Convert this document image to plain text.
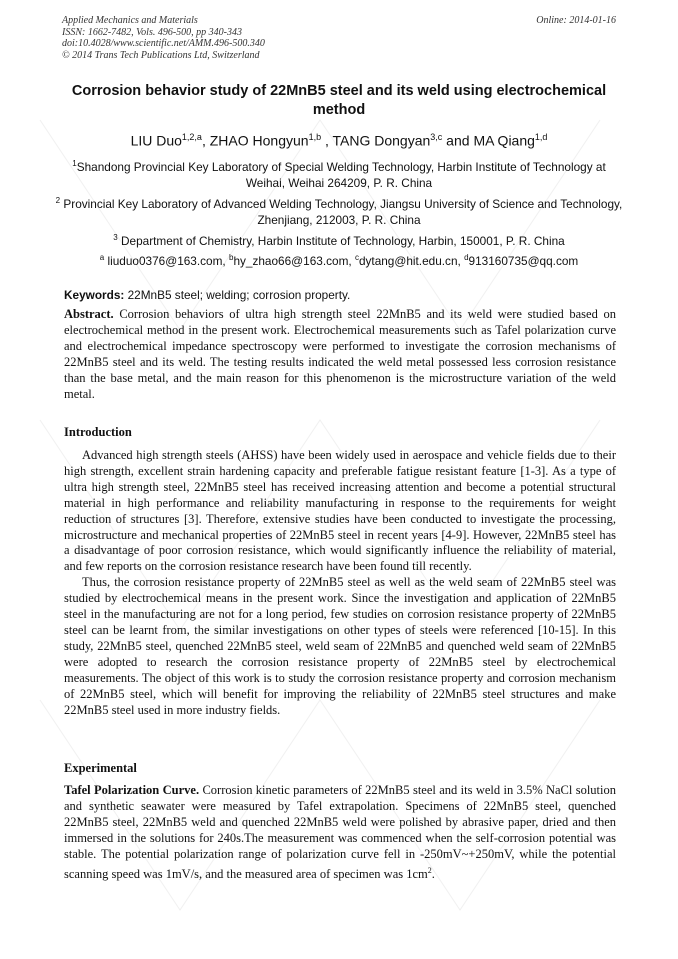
Applied Mechanics and Materials
ISSN: 1662-7482, Vols. 496-500, pp 340-343
doi:10.4028/www.scientific.net/AMM.496-500.340
© 2014 Trans Tech Publications Ltd, Switzerland
Online: 2014-01-16
Corrosion behavior study of 22MnB5 steel and its weld using electrochemical method
LIU Duo$^{1,2,a}$, ZHAO Hongyun$^{1,b}$ , TANG Dongyan$^{3,c}$ and MA Qiang$^{1,d}$
$^1$Shandong Provincial Key Laboratory of Special Welding Technology, Harbin Institute of Technology at Weihai, Weihai 264209, P. R. China
$^2$ Provincial Key Laboratory of Advanced Welding Technology, Jiangsu University of Science and Technology, Zhenjiang, 212003, P. R. China
$^3$ Department of Chemistry, Harbin Institute of Technology, Harbin, 150001, P. R. China
$^a$ liuduo0376@163.com, $^b$hy_zhao66@163.com, $^c$dytang@hit.edu.cn, $^d$913160735@qq.com
Keywords: 22MnB5 steel; welding; corrosion property.

Abstract. Corrosion behaviors of ultra high strength steel 22MnB5 and its weld were studied based on electrochemical method in the present work. Electrochemical measurements such as Tafel polarization curve and electrochemical impedance spectroscopy were performed to investigate the corrosion mechanisms of 22MnB5 steel and its weld. The testing results indicated the weld metal possessed less corrosion resistance than the base metal, and the main reason for this phenomenon is the microstructure variation of the weld metal.

Introduction

Advanced high strength steels (AHSS) have been widely used in aerospace and vehicle fields due to their high strength, excellent strain hardening capacity and preferable fatigue resistant feature [1-3]. As a type of ultra high strength steel, 22MnB5 steel has received increasing attention and become a potential structural material in high performance and reliability manufacturing in response to the requirements for weight reduction of structures [3]. Therefore, extensive studies have been conducted to investigate the processing, microstructure and mechanical properties of 22MnB5 steel in recent years [4-9]. However, 22MnB5 steel has a disadvantage of poor corrosion resistance, which would significantly influence the reliability of material, and few reports on the corrosion resistance research have been found till recently.

Thus, the corrosion resistance property of 22MnB5 steel as well as the weld seam of 22MnB5 steel was studied by electrochemical means in the present work. Since the investigation and application of 22MnB5 steel in the manufacturing are not for a long period, few studies on corrosion resistance property of 22MnB5 steel can be learnt from, the similar investigations on other types of steels were referenced [10-15]. In this study, 22MnB5 steel, quenched 22MnB5 steel, weld seam of 22MnB5 and quenched weld seam of 22MnB5 were adopted to research the corrosion resistance property of 22MnB5 steel by electrochemical measurements. The object of this work is to study the corrosion resistance property and corrosion mechanism of 22MnB5 steel, which will benefit for improving the reliability of 22MnB5 steel structures and make 22MnB5 steel used in more industry fields.

Experimental

Tafel Polarization Curve. Corrosion kinetic parameters of 22MnB5 steel and its weld in 3.5% NaCl solution and synthetic seawater were measured by Tafel extrapolation. Specimens of 22MnB5 steel, quenched 22MnB5 steel, 22MnB5 weld and quenched 22MnB5 weld were polished by abrasive paper, dried and then immersed in the solutions for 240s.The measurement was commenced when the self-corrosion potential was stable. The potential polarization range of polarization curve fell in -250mV~+250mV, while the potential scanning speed was 1mV/s, and the measured area of specimen was $1cm^2$.
